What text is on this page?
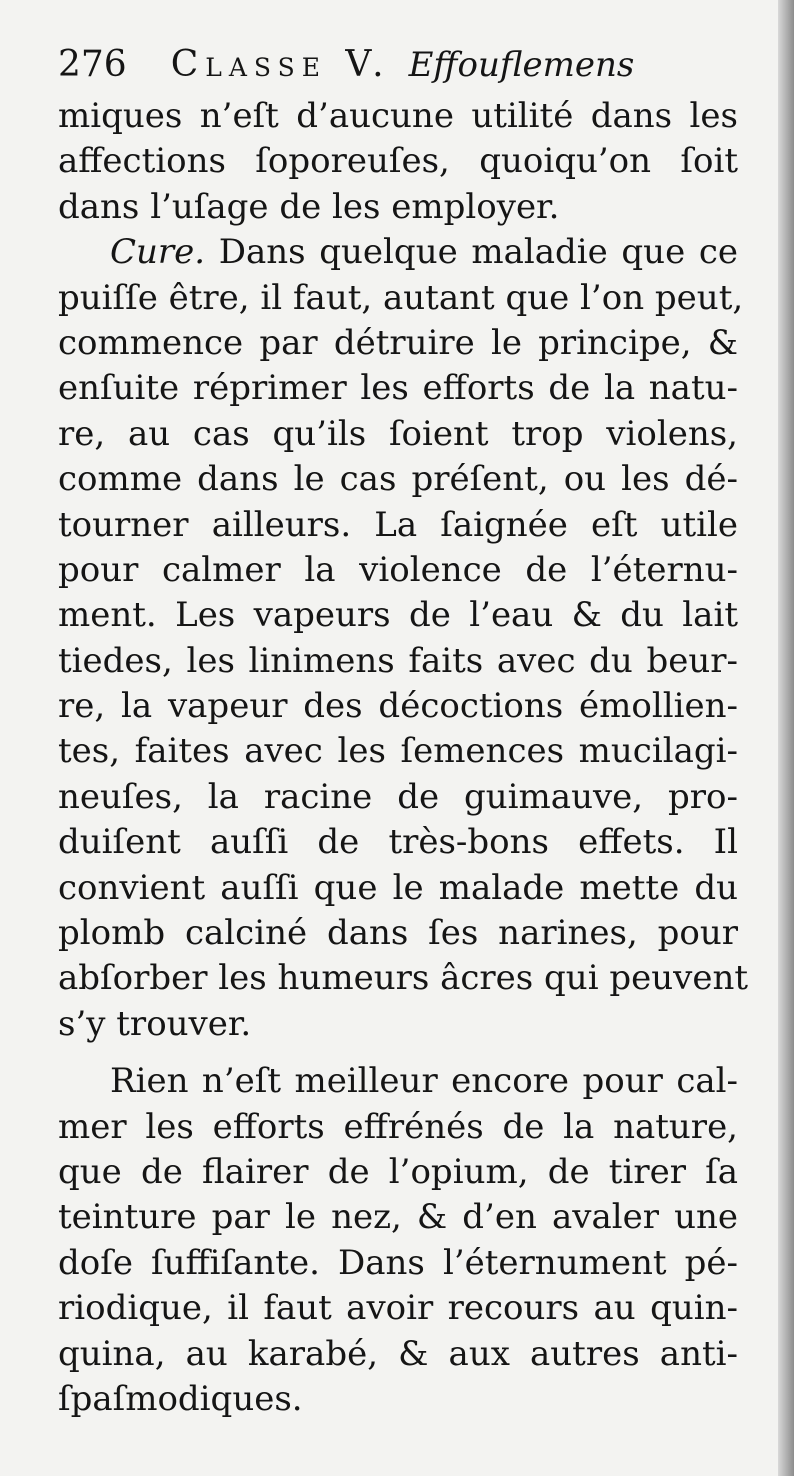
276 Classe V. Effouflemens
miques n’eſt d’aucune utilité dans les
affections ſoporeuſes, quoiqu’on ſoit
dans l’uſage de les employer.
Cure. Dans quelque maladie que ce
puiſſe être, il faut, autant que l’on peut,
commence par détruire le principe, &
enſuite réprimer les efforts de la natu-
re, au cas qu’ils ſoient trop violens,
comme dans le cas préſent, ou les dé-
tourner ailleurs. La ſaignée eſt utile
pour calmer la violence de l’éternu-
ment. Les vapeurs de l’eau & du lait
tiedes, les linimens faits avec du beur-
re, la vapeur des décoctions émollien-
tes, faites avec les ſemences mucilagi-
neuſes, la racine de guimauve, pro-
duiſent auſſi de très-bons effets. Il
convient auſſi que le malade mette du
plomb calciné dans ſes narines, pour
abſorber les humeurs âcres qui peuvent
s’y trouver.
Rien n’eſt meilleur encore pour cal-
mer les efforts effrénés de la nature,
que de flairer de l’opium, de tirer ſa
teinture par le nez, & d’en avaler une
doſe ſuffiſante. Dans l’éternument pé-
riodique, il faut avoir recours au quin-
quina, au karabé, & aux autres anti-
ſpaſmodiques.
